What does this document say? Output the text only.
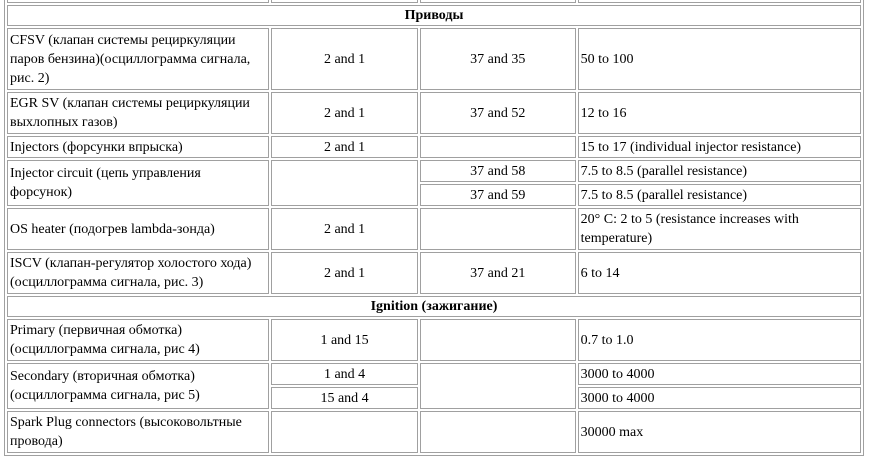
Приводы			
CFSV (клапан системы рециркуляции паров бензина)(осциллограмма сигнала, рис. 2)	2 and 1	37 and 35	50 to 100
EGR SV (клапан системы рециркуляции выхлопных газов)	2 and 1	37 and 52	12 to 16
Injectors (форсунки впрыска)	2 and 1		15 to 17 (individual injector resistance)
Injector circuit (цепь управления форсунок)		37 and 58	7.5 to 8.5 (parallel resistance)
		37 and 59	7.5 to 8.5 (parallel resistance)
OS heater (подогрев lambda-зонда)	2 and 1		20° C: 2 to 5 (resistance increases with temperature)
ISCV (клапан-регулятор холостого хода) (осциллограмма сигнала, рис. 3)	2 and 1	37 and 21	6 to 14
Ignition (зажигание)			
Primary (первичная обмотка) (осциллограмма сигнала, рис 4)	1 and 15		0.7 to 1.0
Secondary (вторичная обмотка) (осциллограмма сигнала, рис 5)	1 and 4		3000 to 4000
	15 and 4		3000 to 4000
Spark Plug connectors (высоковольтные провода)			30000 max
